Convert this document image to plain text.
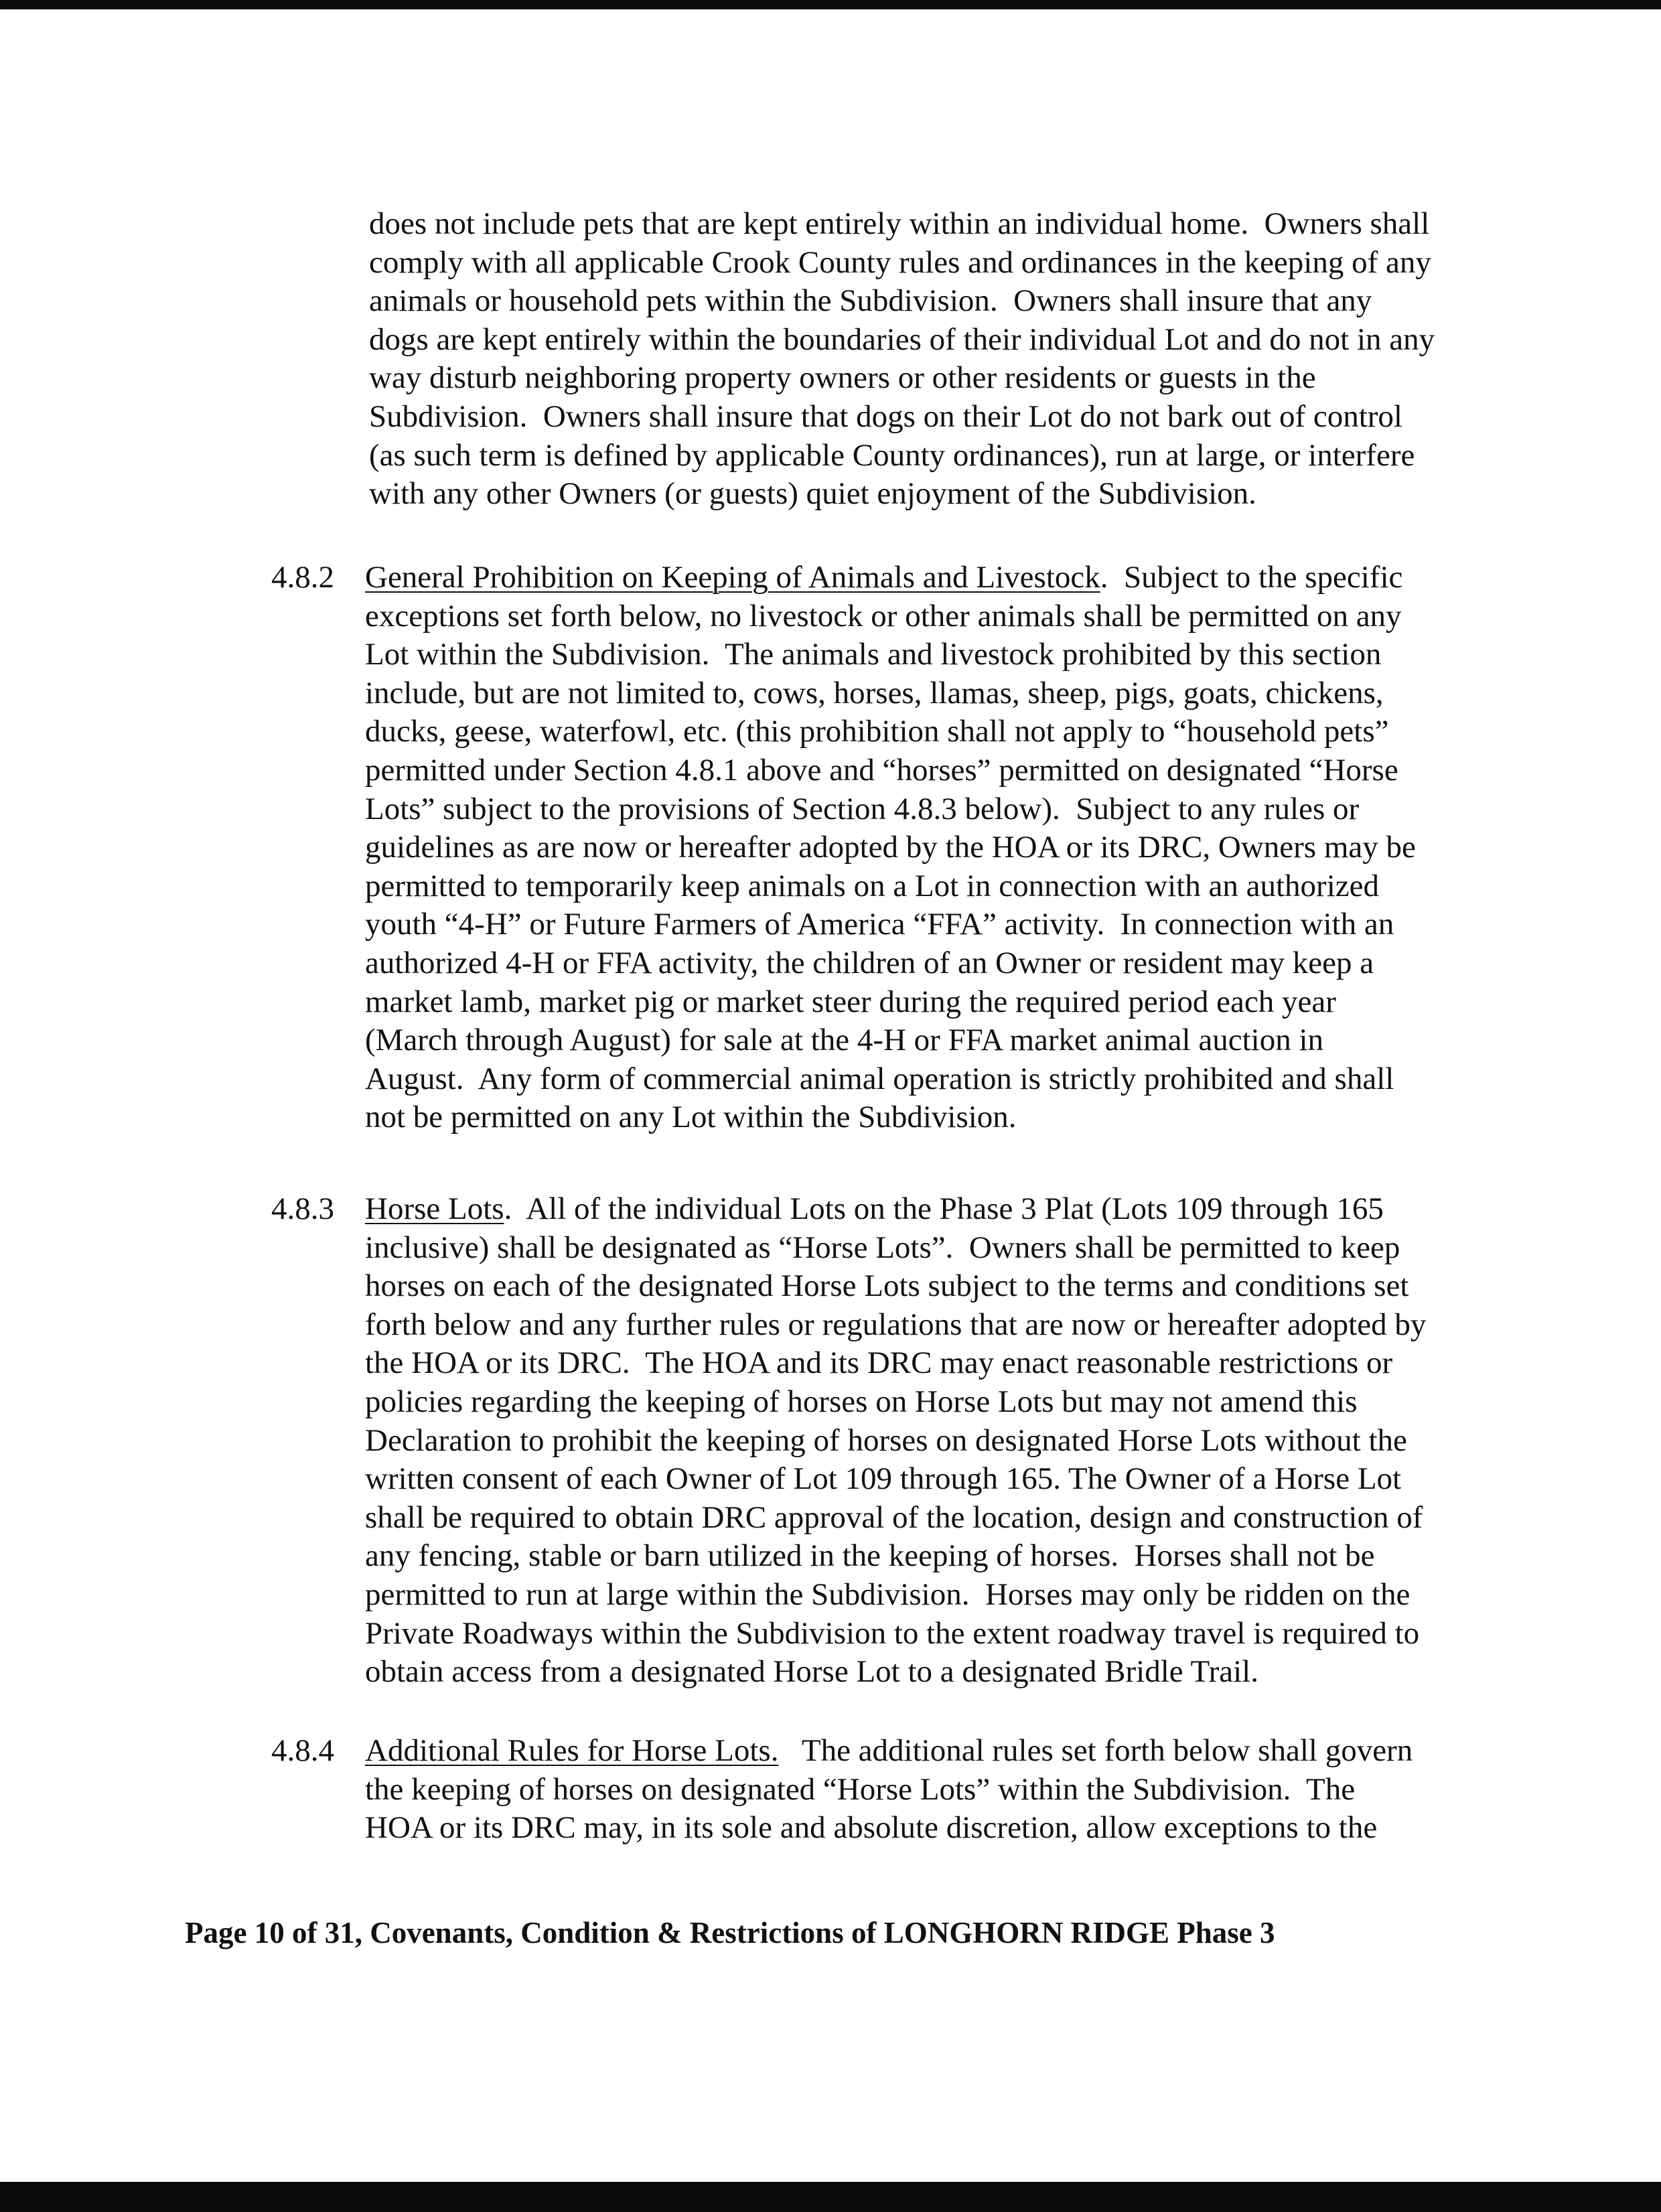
does not include pets that are kept entirely within an individual home.  Owners shall
comply with all applicable Crook County rules and ordinances in the keeping of any
animals or household pets within the Subdivision.  Owners shall insure that any
dogs are kept entirely within the boundaries of their individual Lot and do not in any
way disturb neighboring property owners or other residents or guests in the
Subdivision.  Owners shall insure that dogs on their Lot do not bark out of control
(as such term is defined by applicable County ordinances), run at large, or interfere
with any other Owners (or guests) quiet enjoyment of the Subdivision.
4.8.2 General Prohibition on Keeping of Animals and Livestock.  Subject to the specific
exceptions set forth below, no livestock or other animals shall be permitted on any
Lot within the Subdivision.  The animals and livestock prohibited by this section
include, but are not limited to, cows, horses, llamas, sheep, pigs, goats, chickens,
ducks, geese, waterfowl, etc. (this prohibition shall not apply to “household pets”
permitted under Section 4.8.1 above and “horses” permitted on designated “Horse
Lots” subject to the provisions of Section 4.8.3 below).  Subject to any rules or
guidelines as are now or hereafter adopted by the HOA or its DRC, Owners may be
permitted to temporarily keep animals on a Lot in connection with an authorized
youth “4-H” or Future Farmers of America “FFA” activity.  In connection with an
authorized 4-H or FFA activity, the children of an Owner or resident may keep a
market lamb, market pig or market steer during the required period each year
(March through August) for sale at the 4-H or FFA market animal auction in
August.  Any form of commercial animal operation is strictly prohibited and shall
not be permitted on any Lot within the Subdivision.
4.8.3 Horse Lots.  All of the individual Lots on the Phase 3 Plat (Lots 109 through 165
inclusive) shall be designated as “Horse Lots”.  Owners shall be permitted to keep
horses on each of the designated Horse Lots subject to the terms and conditions set
forth below and any further rules or regulations that are now or hereafter adopted by
the HOA or its DRC.  The HOA and its DRC may enact reasonable restrictions or
policies regarding the keeping of horses on Horse Lots but may not amend this
Declaration to prohibit the keeping of horses on designated Horse Lots without the
written consent of each Owner of Lot 109 through 165. The Owner of a Horse Lot
shall be required to obtain DRC approval of the location, design and construction of
any fencing, stable or barn utilized in the keeping of horses.  Horses shall not be
permitted to run at large within the Subdivision.  Horses may only be ridden on the
Private Roadways within the Subdivision to the extent roadway travel is required to
obtain access from a designated Horse Lot to a designated Bridle Trail.
4.8.4 Additional Rules for Horse Lots.   The additional rules set forth below shall govern
the keeping of horses on designated “Horse Lots” within the Subdivision.  The
HOA or its DRC may, in its sole and absolute discretion, allow exceptions to the
Page 10 of 31, Covenants, Condition & Restrictions of LONGHORN RIDGE Phase 3
